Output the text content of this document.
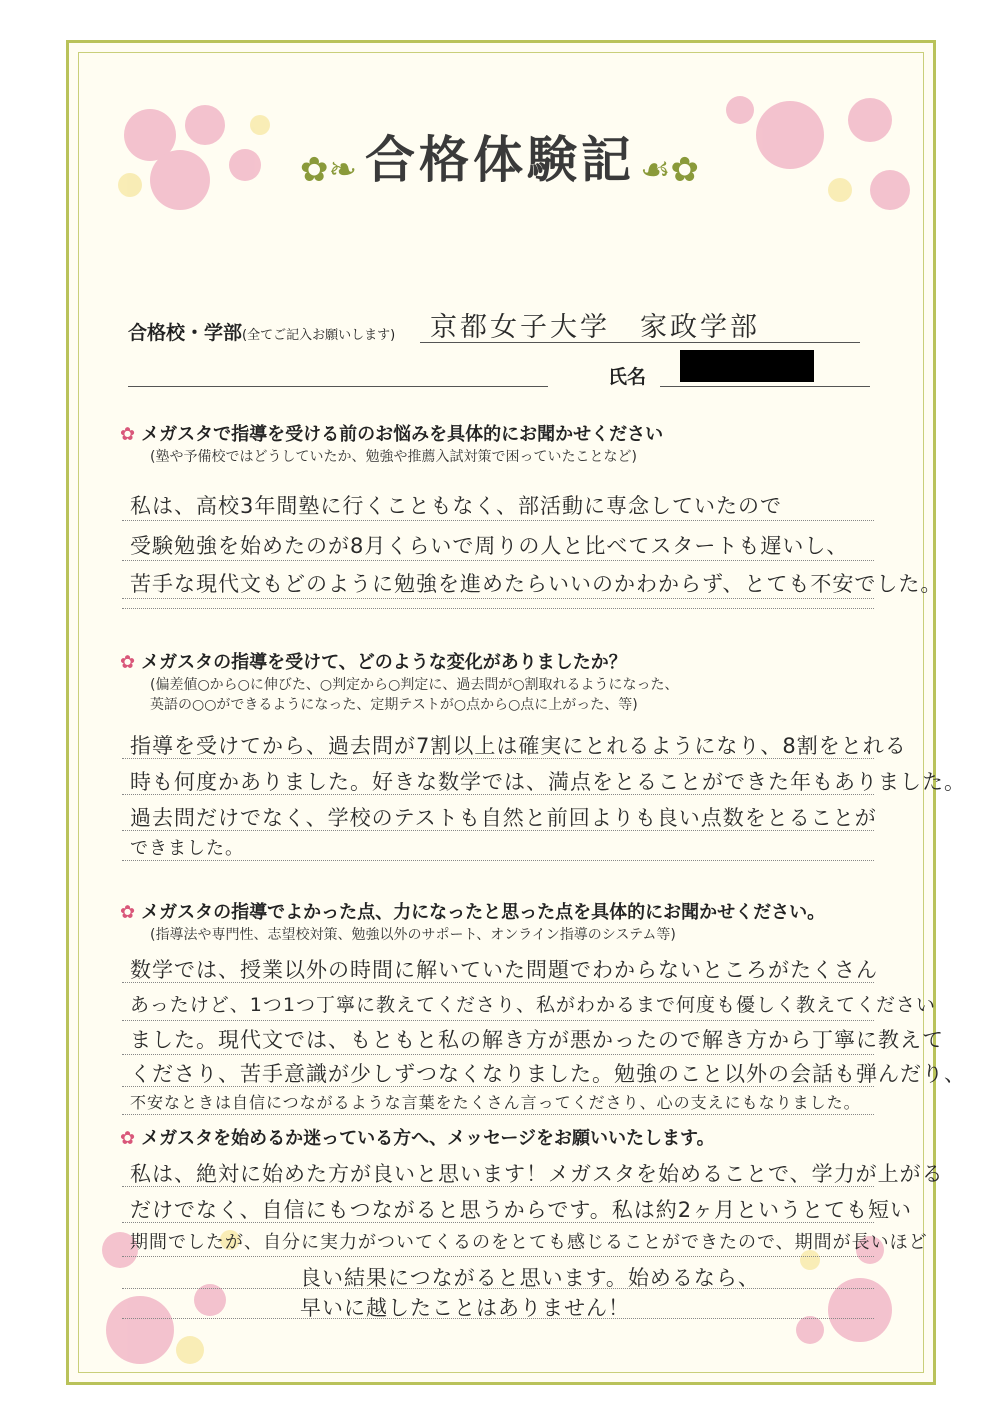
合格体験記
✿❧	☙✿
合格校・学部(全てご記入お願いします) 京都女子大学　家政学部
氏名
✿ メガスタで指導を受ける前のお悩みを具体的にお聞かせください
(塾や予備校ではどうしていたか、勉強や推薦入試対策で困っていたことなど)
私は、高校3年間塾に行くこともなく、部活動に専念していたので
受験勉強を始めたのが8月くらいで周りの人と比べてスタートも遅いし、
苦手な現代文もどのように勉強を進めたらいいのかわからず、とても不安でした。
✿ メガスタの指導を受けて、どのような変化がありましたか？
(偏差値○から○に伸びた、○判定から○判定に、過去問が○割取れるようになった、
英語の○○ができるようになった、定期テストが○点から○点に上がった、等)
指導を受けてから、過去問が7割以上は確実にとれるようになり、8割をとれる
時も何度かありました。好きな数学では、満点をとることができた年もありました。
過去問だけでなく、学校のテストも自然と前回よりも良い点数をとることが
できました。
✿ メガスタの指導でよかった点、力になったと思った点を具体的にお聞かせください。
(指導法や専門性、志望校対策、勉強以外のサポート、オンライン指導のシステム等)
数学では、授業以外の時間に解いていた問題でわからないところがたくさん
あったけど、1つ1つ丁寧に教えてくださり、私がわかるまで何度も優しく教えてください
ました。現代文では、もともと私の解き方が悪かったので解き方から丁寧に教えて
くださり、苦手意識が少しずつなくなりました。勉強のこと以外の会話も弾んだり、
不安なときは自信につながるような言葉をたくさん言ってくださり、心の支えにもなりました。
✿ メガスタを始めるか迷っている方へ、メッセージをお願いいたします。
私は、絶対に始めた方が良いと思います！メガスタを始めることで、学力が上がる
だけでなく、自信にもつながると思うからです。私は約2ヶ月というとても短い
期間でしたが、自分に実力がついてくるのをとても感じることができたので、期間が長いほど
良い結果につながると思います。始めるなら、
早いに越したことはありません！
